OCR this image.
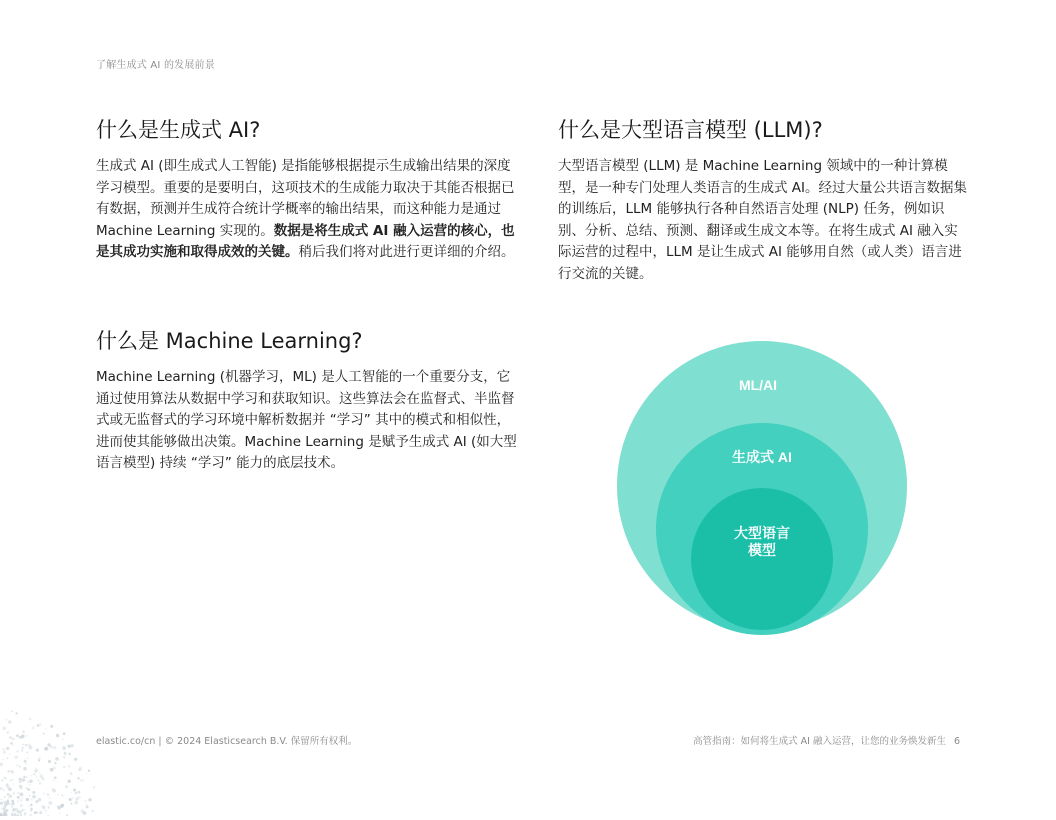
了解生成式 AI 的发展前景
什么是生成式 AI?

生成式 AI (即生成式人工智能) 是指能够根据提示生成输出结果的深度学习模型。重要的是要明白，这项技术的生成能力取决于其能否根据已有数据，预测并生成符合统计学概率的输出结果，而这种能力是通过 Machine Learning 实现的。数据是将生成式 AI 融入运营的核心，也是其成功实施和取得成效的关键。稍后我们将对此进行更详细的介绍。

什么是大型语言模型 (LLM)?

大型语言模型 (LLM) 是 Machine Learning 领域中的一种计算模型，是一种专门处理人类语言的生成式 AI。经过大量公共语言数据集的训练后，LLM 能够执行各种自然语言处理 (NLP) 任务，例如识别、分析、总结、预测、翻译或生成文本等。在将生成式 AI 融入实际运营的过程中，LLM 是让生成式 AI 能够用自然（或人类）语言进行交流的关键。

什么是 Machine Learning?

Machine Learning (机器学习，ML) 是人工智能的一个重要分支，它通过使用算法从数据中学习和获取知识。这些算法会在监督式、半监督式或无监督式的学习环境中解析数据并 “学习” 其中的模式和相似性，进而使其能够做出决策。Machine Learning 是赋予生成式 AI (如大型语言模型) 持续 “学习” 能力的底层技术。

ML/AI
生成式 AI
大型语言
模型
elastic.co/cn | © 2024 Elasticsearch B.V. 保留所有权利。	高管指南：如何将生成式 AI 融入运营，让您的业务焕发新生 6
